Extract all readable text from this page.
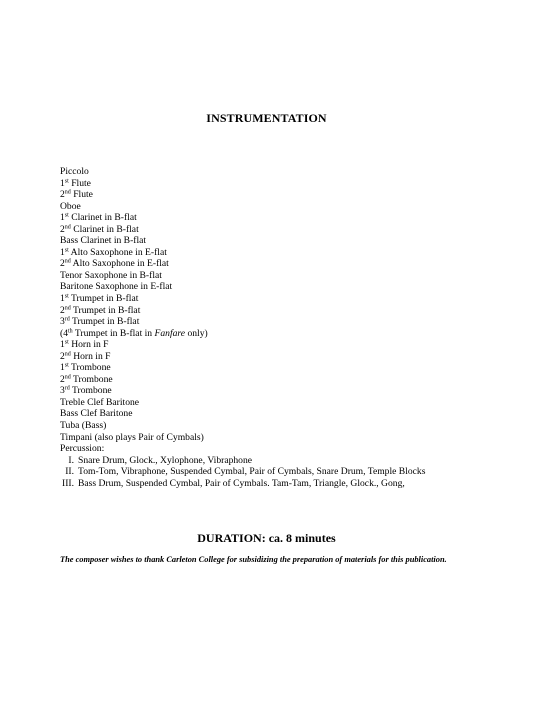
INSTRUMENTATION
Piccolo
1st Flute
2nd Flute
Oboe
1st Clarinet in B-flat
2nd Clarinet in B-flat
Bass Clarinet in B-flat
1st Alto Saxophone in E-flat
2nd Alto Saxophone in E-flat
Tenor Saxophone in B-flat
Baritone Saxophone in E-flat
1st Trumpet in B-flat
2nd Trumpet in B-flat
3rd Trumpet in B-flat
(4th Trumpet in B-flat in Fanfare only)
1st Horn in F
2nd Horn in F
1st Trombone
2nd Trombone
3rd Trombone
Treble Clef Baritone
Bass Clef Baritone
Tuba (Bass)
Timpani (also plays Pair of Cymbals)
Percussion:
I. Snare Drum, Glock., Xylophone, Vibraphone
II. Tom-Tom, Vibraphone, Suspended Cymbal, Pair of Cymbals, Snare Drum, Temple Blocks
III. Bass Drum, Suspended Cymbal, Pair of Cymbals. Tam-Tam, Triangle, Glock., Gong,
DURATION: ca. 8 minutes
The composer wishes to thank Carleton College for subsidizing the preparation of materials for this publication.
